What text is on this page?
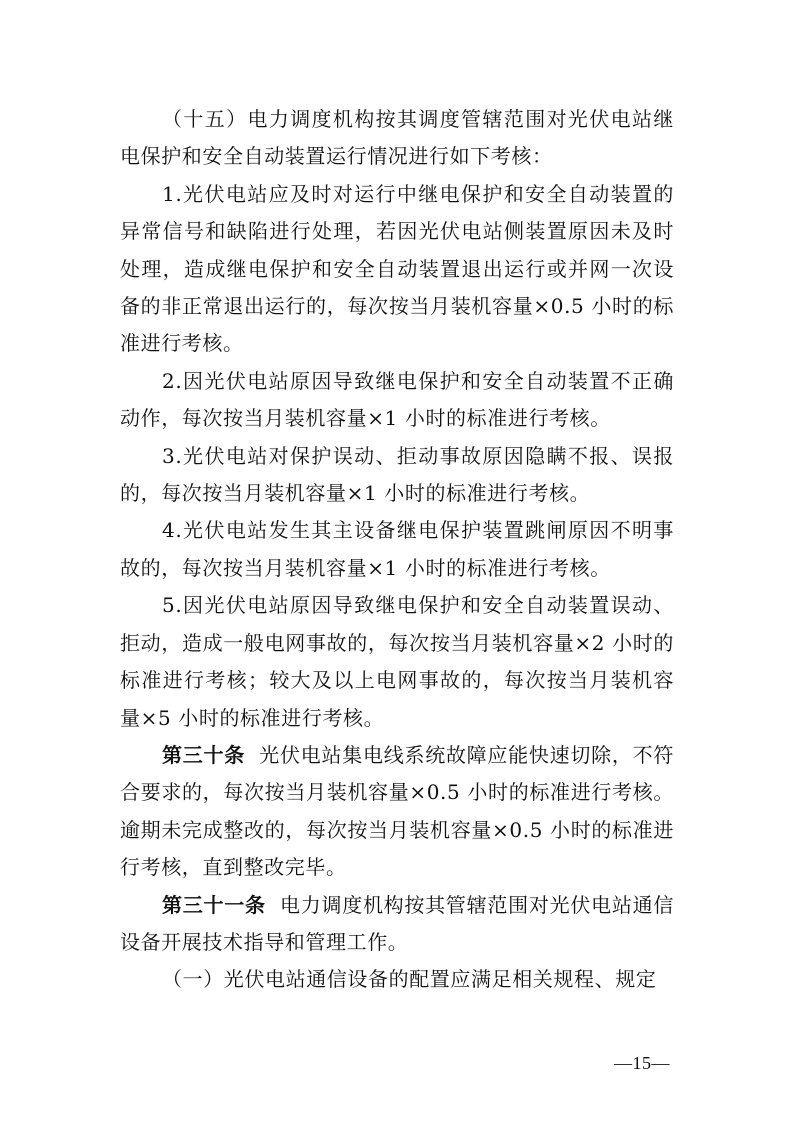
（十五）电力调度机构按其调度管辖范围对光伏电站继电保护和安全自动装置运行情况进行如下考核：

1.光伏电站应及时对运行中继电保护和安全自动装置的异常信号和缺陷进行处理，若因光伏电站侧装置原因未及时处理，造成继电保护和安全自动装置退出运行或并网一次设备的非正常退出运行的，每次按当月装机容量×0.5 小时的标准进行考核。

2.因光伏电站原因导致继电保护和安全自动装置不正确动作，每次按当月装机容量×1 小时的标准进行考核。

3.光伏电站对保护误动、拒动事故原因隐瞒不报、误报的，每次按当月装机容量×1 小时的标准进行考核。

4.光伏电站发生其主设备继电保护装置跳闸原因不明事故的，每次按当月装机容量×1 小时的标准进行考核。

5.因光伏电站原因导致继电保护和安全自动装置误动、拒动，造成一般电网事故的，每次按当月装机容量×2 小时的标准进行考核；较大及以上电网事故的，每次按当月装机容量×5 小时的标准进行考核。

第三十条 光伏电站集电线系统故障应能快速切除，不符合要求的，每次按当月装机容量×0.5 小时的标准进行考核。逾期未完成整改的，每次按当月装机容量×0.5 小时的标准进行考核，直到整改完毕。

第三十一条 电力调度机构按其管辖范围对光伏电站通信设备开展技术指导和管理工作。

（一）光伏电站通信设备的配置应满足相关规程、规定

—15—
